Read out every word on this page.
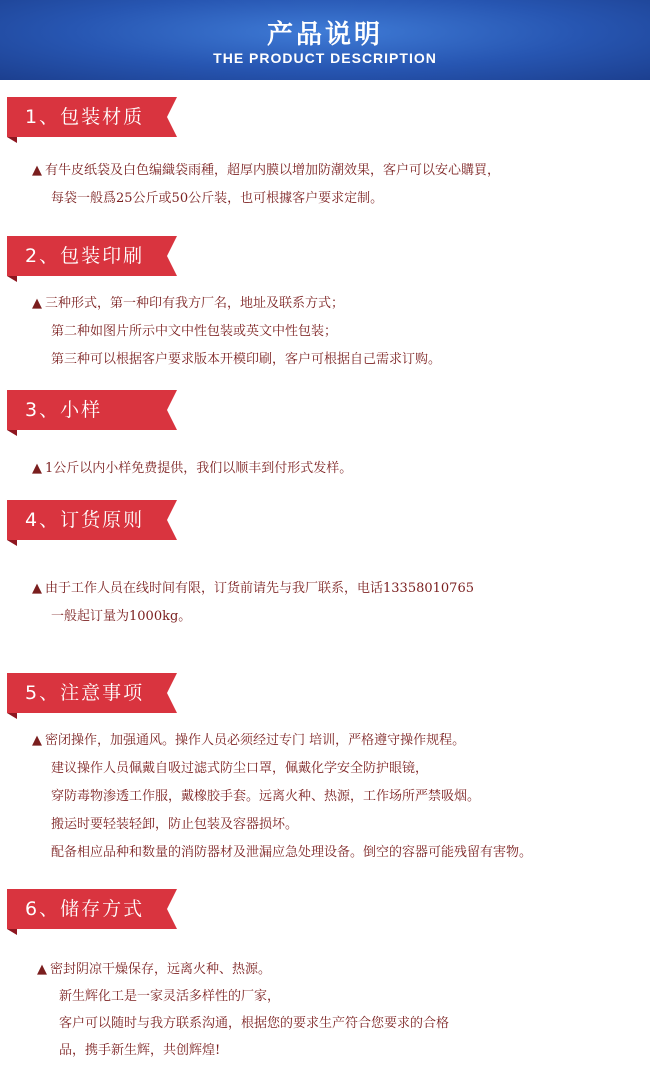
产品说明
THE PRODUCT DESCRIPTION
1、包装材质
▲ 有牛皮纸袋及白色编織袋雨種，超厚内膜以增加防潮效果，客户可以安心購買，
每袋一般爲25公斤或50公斤装，也可根據客户要求定制。
2、包装印刷
▲ 三种形式，第一种印有我方厂名，地址及联系方式；
第二种如图片所示中文中性包装或英文中性包装；
第三种可以根据客户要求版本开模印刷，客户可根据自己需求订购。
3、小样
▲ 1公斤以内小样免费提供，我们以顺丰到付形式发样。
4、订货原则
▲ 由于工作人员在线时间有限，订货前请先与我厂联系，电话13358010765
一般起订量为1000kg。
5、注意事项
▲ 密闭操作，加强通风。操作人员必须经过专门 培训，严格遵守操作规程。
建议操作人员佩戴自吸过滤式防尘口罩，佩戴化学安全防护眼镜，
穿防毒物渗透工作服，戴橡胶手套。远离火种、热源，工作场所严禁吸烟。
搬运时要轻装轻卸，防止包装及容器损坏。
配备相应品种和数量的消防器材及泄漏应急处理设备。倒空的容器可能残留有害物。
6、储存方式
▲ 密封阴凉干燥保存，远离火种、热源。
新生辉化工是一家灵活多样性的厂家，
客户可以随时与我方联系沟通，根据您的要求生产符合您要求的合格
品，携手新生辉，共创辉煌!
